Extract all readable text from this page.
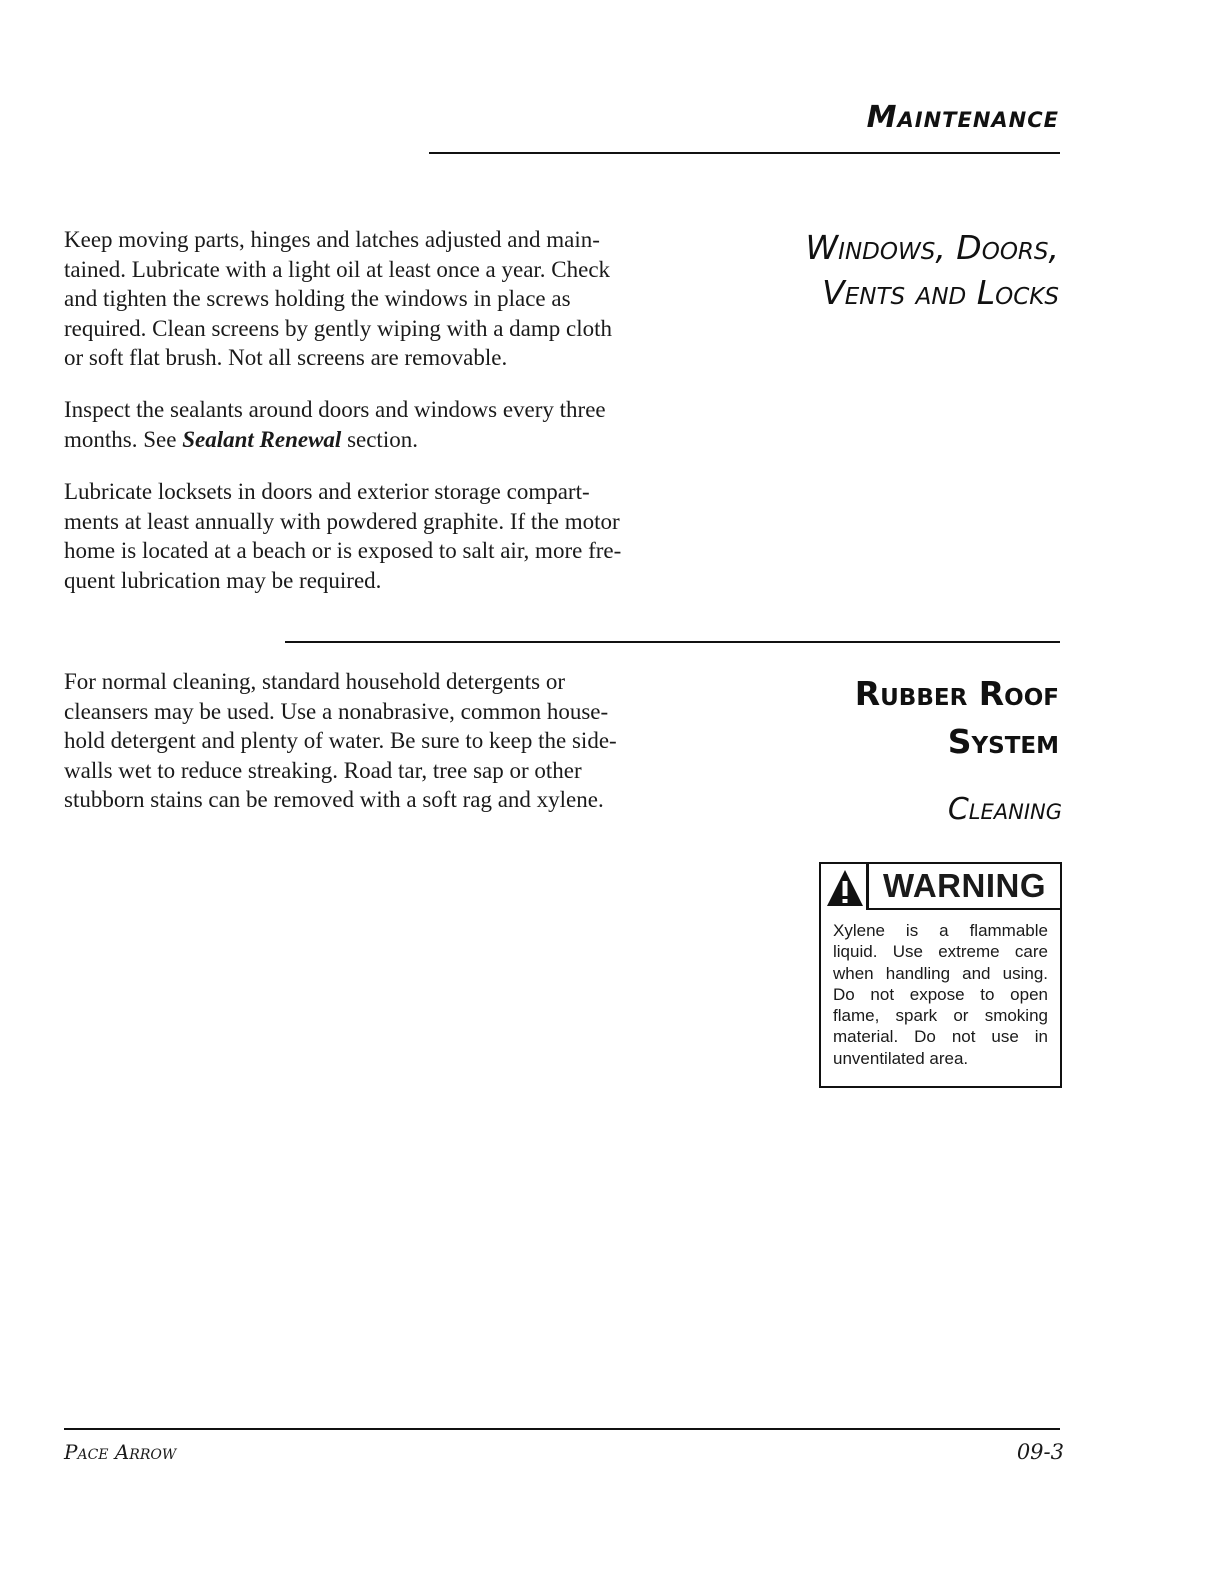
Maintenance
Windows, Doors,
Vents and Locks
Keep moving parts, hinges and latches adjusted and main-
tained. Lubricate with a light oil at least once a year. Check
and tighten the screws holding the windows in place as
required. Clean screens by gently wiping with a damp cloth
or soft flat brush. Not all screens are removable.
Inspect the sealants around doors and windows every three
months. See Sealant Renewal section.
Lubricate locksets in doors and exterior storage compart-
ments at least annually with powdered graphite. If the motor
home is located at a beach or is exposed to salt air, more fre-
quent lubrication may be required.
Rubber Roof
System
Cleaning
For normal cleaning, standard household detergents or
cleansers may be used. Use a nonabrasive, common house-
hold detergent and plenty of water. Be sure to keep the side-
walls wet to reduce streaking. Road tar, tree sap or other
stubborn stains can be removed with a soft rag and xylene.
WARNING
Xylene is a flammable liquid. Use extreme care when handling and using. Do not expose to open flame, spark or smoking material. Do not use in unventilated area.
Pace Arrow	09-3
